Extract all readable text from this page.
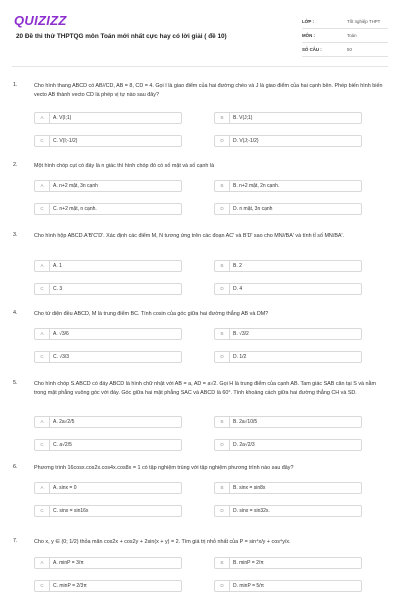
QUIZIZZ
20 Đề thi thử THPTQG môn Toán mới nhất cực hay có lời giải ( đề 10)
LỚP :	Tốt nghiệp THPT
MÔN :	Toán
SỐ CÂU :	50
1.	Cho hình thang ABCD có AB//CD, AB = 8, CD = 4. Gọi I là giao điểm của hai đường chéo và J là giao điểm của hai cạnh bên. Phép biến hình biến vecto AB thành vecto CD là phép vị tự nào sau đây?
A	A. V(I;1)	B	B. V(J;1)
C	C. V(I;-1/2)	D	D. V(J;-1/2)
2.	Một hình chóp cụt có đáy là n giác thì hình chóp đó có số mặt và số cạnh là
A	A. n+2 mặt, 3n cạnh	B	B. n+2 mặt, 2n cạnh.
C	C. n+2 mặt, n cạnh.	D	D. n mặt, 3n cạnh
3.	Cho hình hộp ABCD.A'B'C'D'. Xác định các điểm M, N tương ứng trên các đoạn AC' và B'D' sao cho MN//BA' và tính tỉ số MN/BA'.
A	A. 1	B	B. 2
C	C. 3	D	D. 4
4.	Cho tứ diện đều ABCD, M là trung điểm BC. Tính cosin của góc giữa hai đường thẳng AB và DM?
A	A. √3/6	B	B. √3/2
C	C. √3/3	D	D. 1/2
5.	Cho hình chóp S.ABCD có đáy ABCD là hình chữ nhật với AB = a, AD = a√2. Gọi H là trung điểm của cạnh AB. Tam giác SAB cân tại S và nằm trong mặt phẳng vuông góc với đáy. Góc giữa hai mặt phẳng SAC và ABCD là 60°. Tính khoảng cách giữa hai đường thẳng CH và SD.
A	A. 2a√2/5	B	B. 2a√10/5
C	C. a√2/5	D	D. 2a√2/3
6.	Phương trình 16cosx.cos2x.cos4x.cos8x = 1 có tập nghiệm trùng với tập nghiệm phương trình nào sau đây?
A	A. sinx = 0	B	B. sinx = sin8x
C	C. sinx = sin16x	D	D. sinx = sin32x.
7.	Cho x, y ∈ (0; 1/2) thỏa mãn cos2x + cos2y + 2sin(x + y) = 2. Tìm giá trị nhỏ nhất của P = sin⁴x/y + cos⁴y/x.
A	A. minP = 3/π	B	B. minP = 2/π
C	C. minP = 2/3π	D	D. minP = 5/π
